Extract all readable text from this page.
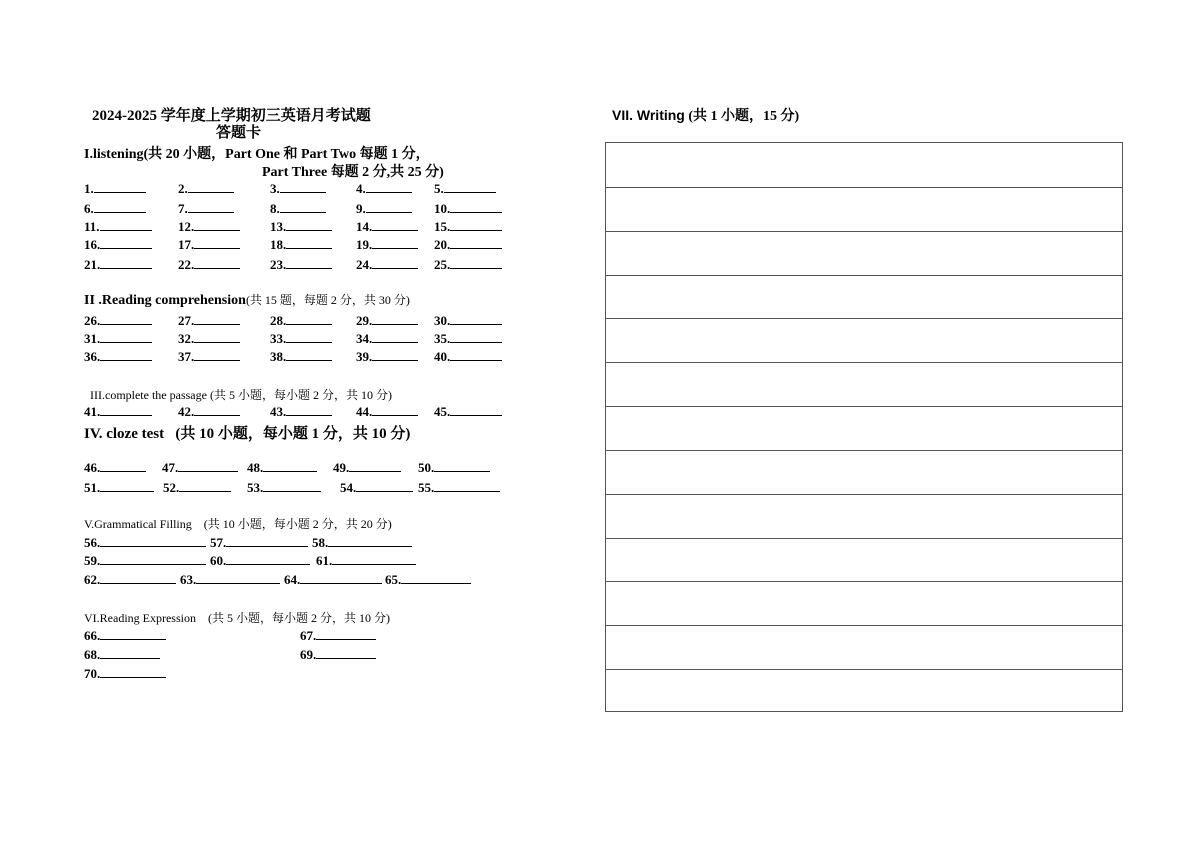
2024-2025 学年度上学期初三英语月考试题
答题卡
I.listening(共 20 小题，Part One 和 Part Two 每题 1 分，
Part Three 每题 2 分,共 25 分)
1.	2.	3.	4.	5.
6.	7.	8.	9.	10.
11.	12.	13.	14.	15.
16.	17.	18.	19.	20.
21.	22.	23.	24.	25.
II .Reading comprehension(共 15 题，每题 2 分，共 30 分)
26.	27.	28.	29.	30.
31.	32.	33.	34.	35.
36.	37.	38.	39.	40.
III.complete the passage (共 5 小题，每小题 2 分，共 10 分)
41.	42.	43.	44.	45.
IV. cloze test (共 10 小题，每小题 1 分，共 10 分)
46.	47.	48.	49.	50.
51.	52.	53.	54.	55.
V.Grammatical Filling (共 10 小题，每小题 2 分，共 20 分)
56.	57.	58.
59.	60.	61.
62.	63.	64.	65.
VI.Reading Expression (共 5 小题，每小题 2 分，共 10 分)
66.	67.
68.	69.
70.
VII. Writing (共 1 小题，15 分)
